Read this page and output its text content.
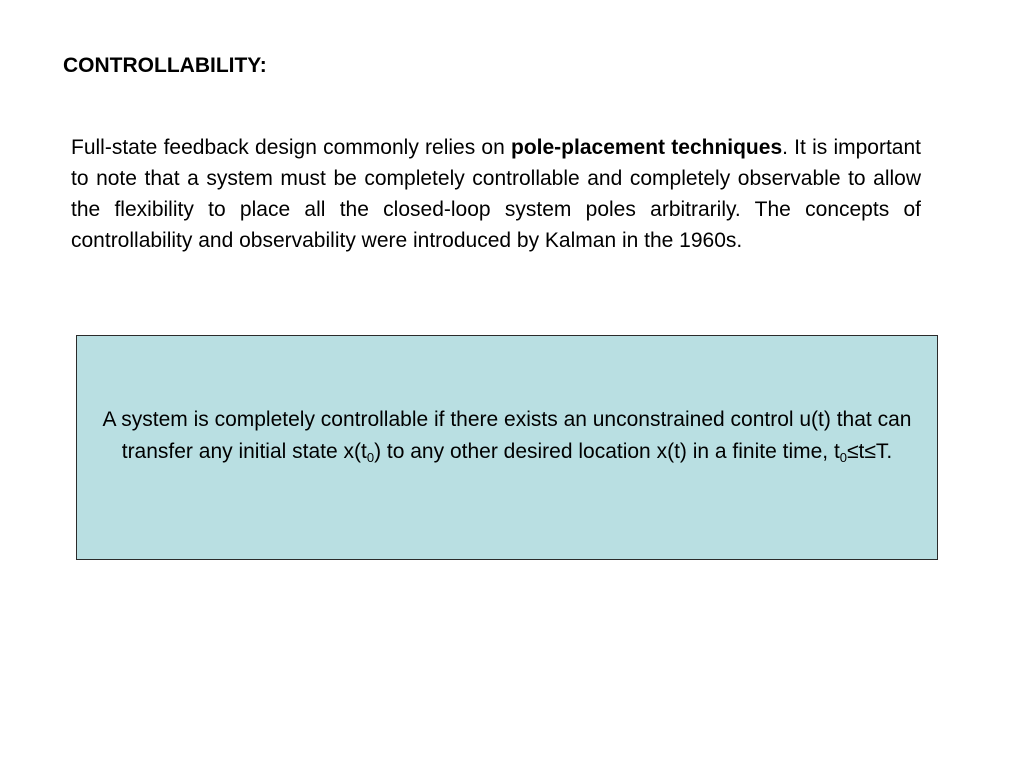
CONTROLLABILITY:
Full-state feedback design commonly relies on pole-placement techniques. It is important to note that a system must be completely controllable and completely observable to allow the flexibility to place all the closed-loop system poles arbitrarily. The concepts of controllability and observability were introduced by Kalman in the 1960s.
A system is completely controllable if there exists an unconstrained control u(t) that can transfer any initial state $x(t_0)$ to any other desired location x(t) in a finite time, $t_0\le t\le T$.
